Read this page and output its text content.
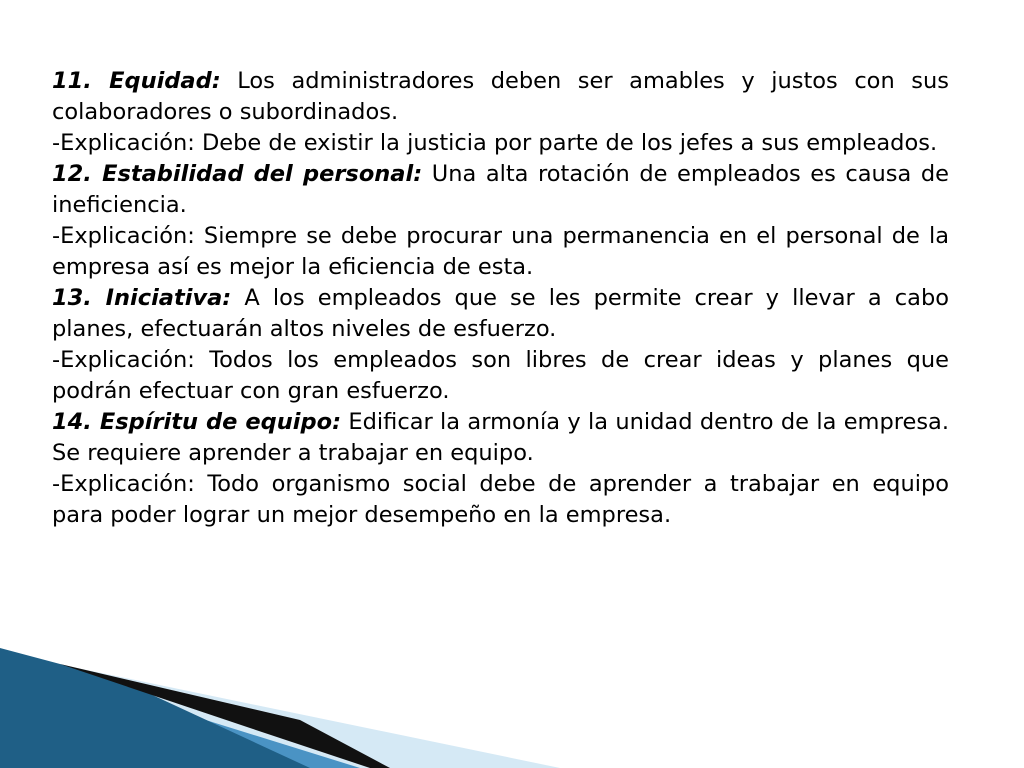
11. Equidad: Los administradores deben ser amables y justos con sus colaboradores o subordinados.

-Explicación: Debe de existir la justicia por parte de los jefes a sus empleados.

12. Estabilidad del personal: Una alta rotación de empleados es causa de ineficiencia.

-Explicación: Siempre se debe procurar una permanencia en el personal de la empresa así es mejor la eficiencia de esta.

13. Iniciativa: A los empleados que se les permite crear y llevar a cabo planes, efectuarán altos niveles de esfuerzo.

-Explicación: Todos los empleados son libres de crear ideas y planes que podrán efectuar con gran esfuerzo.

14. Espíritu de equipo: Edificar la armonía y la unidad dentro de la empresa. Se requiere aprender a trabajar en equipo.

-Explicación: Todo organismo social debe de aprender a trabajar en equipo para poder lograr un mejor desempeño en la empresa.
